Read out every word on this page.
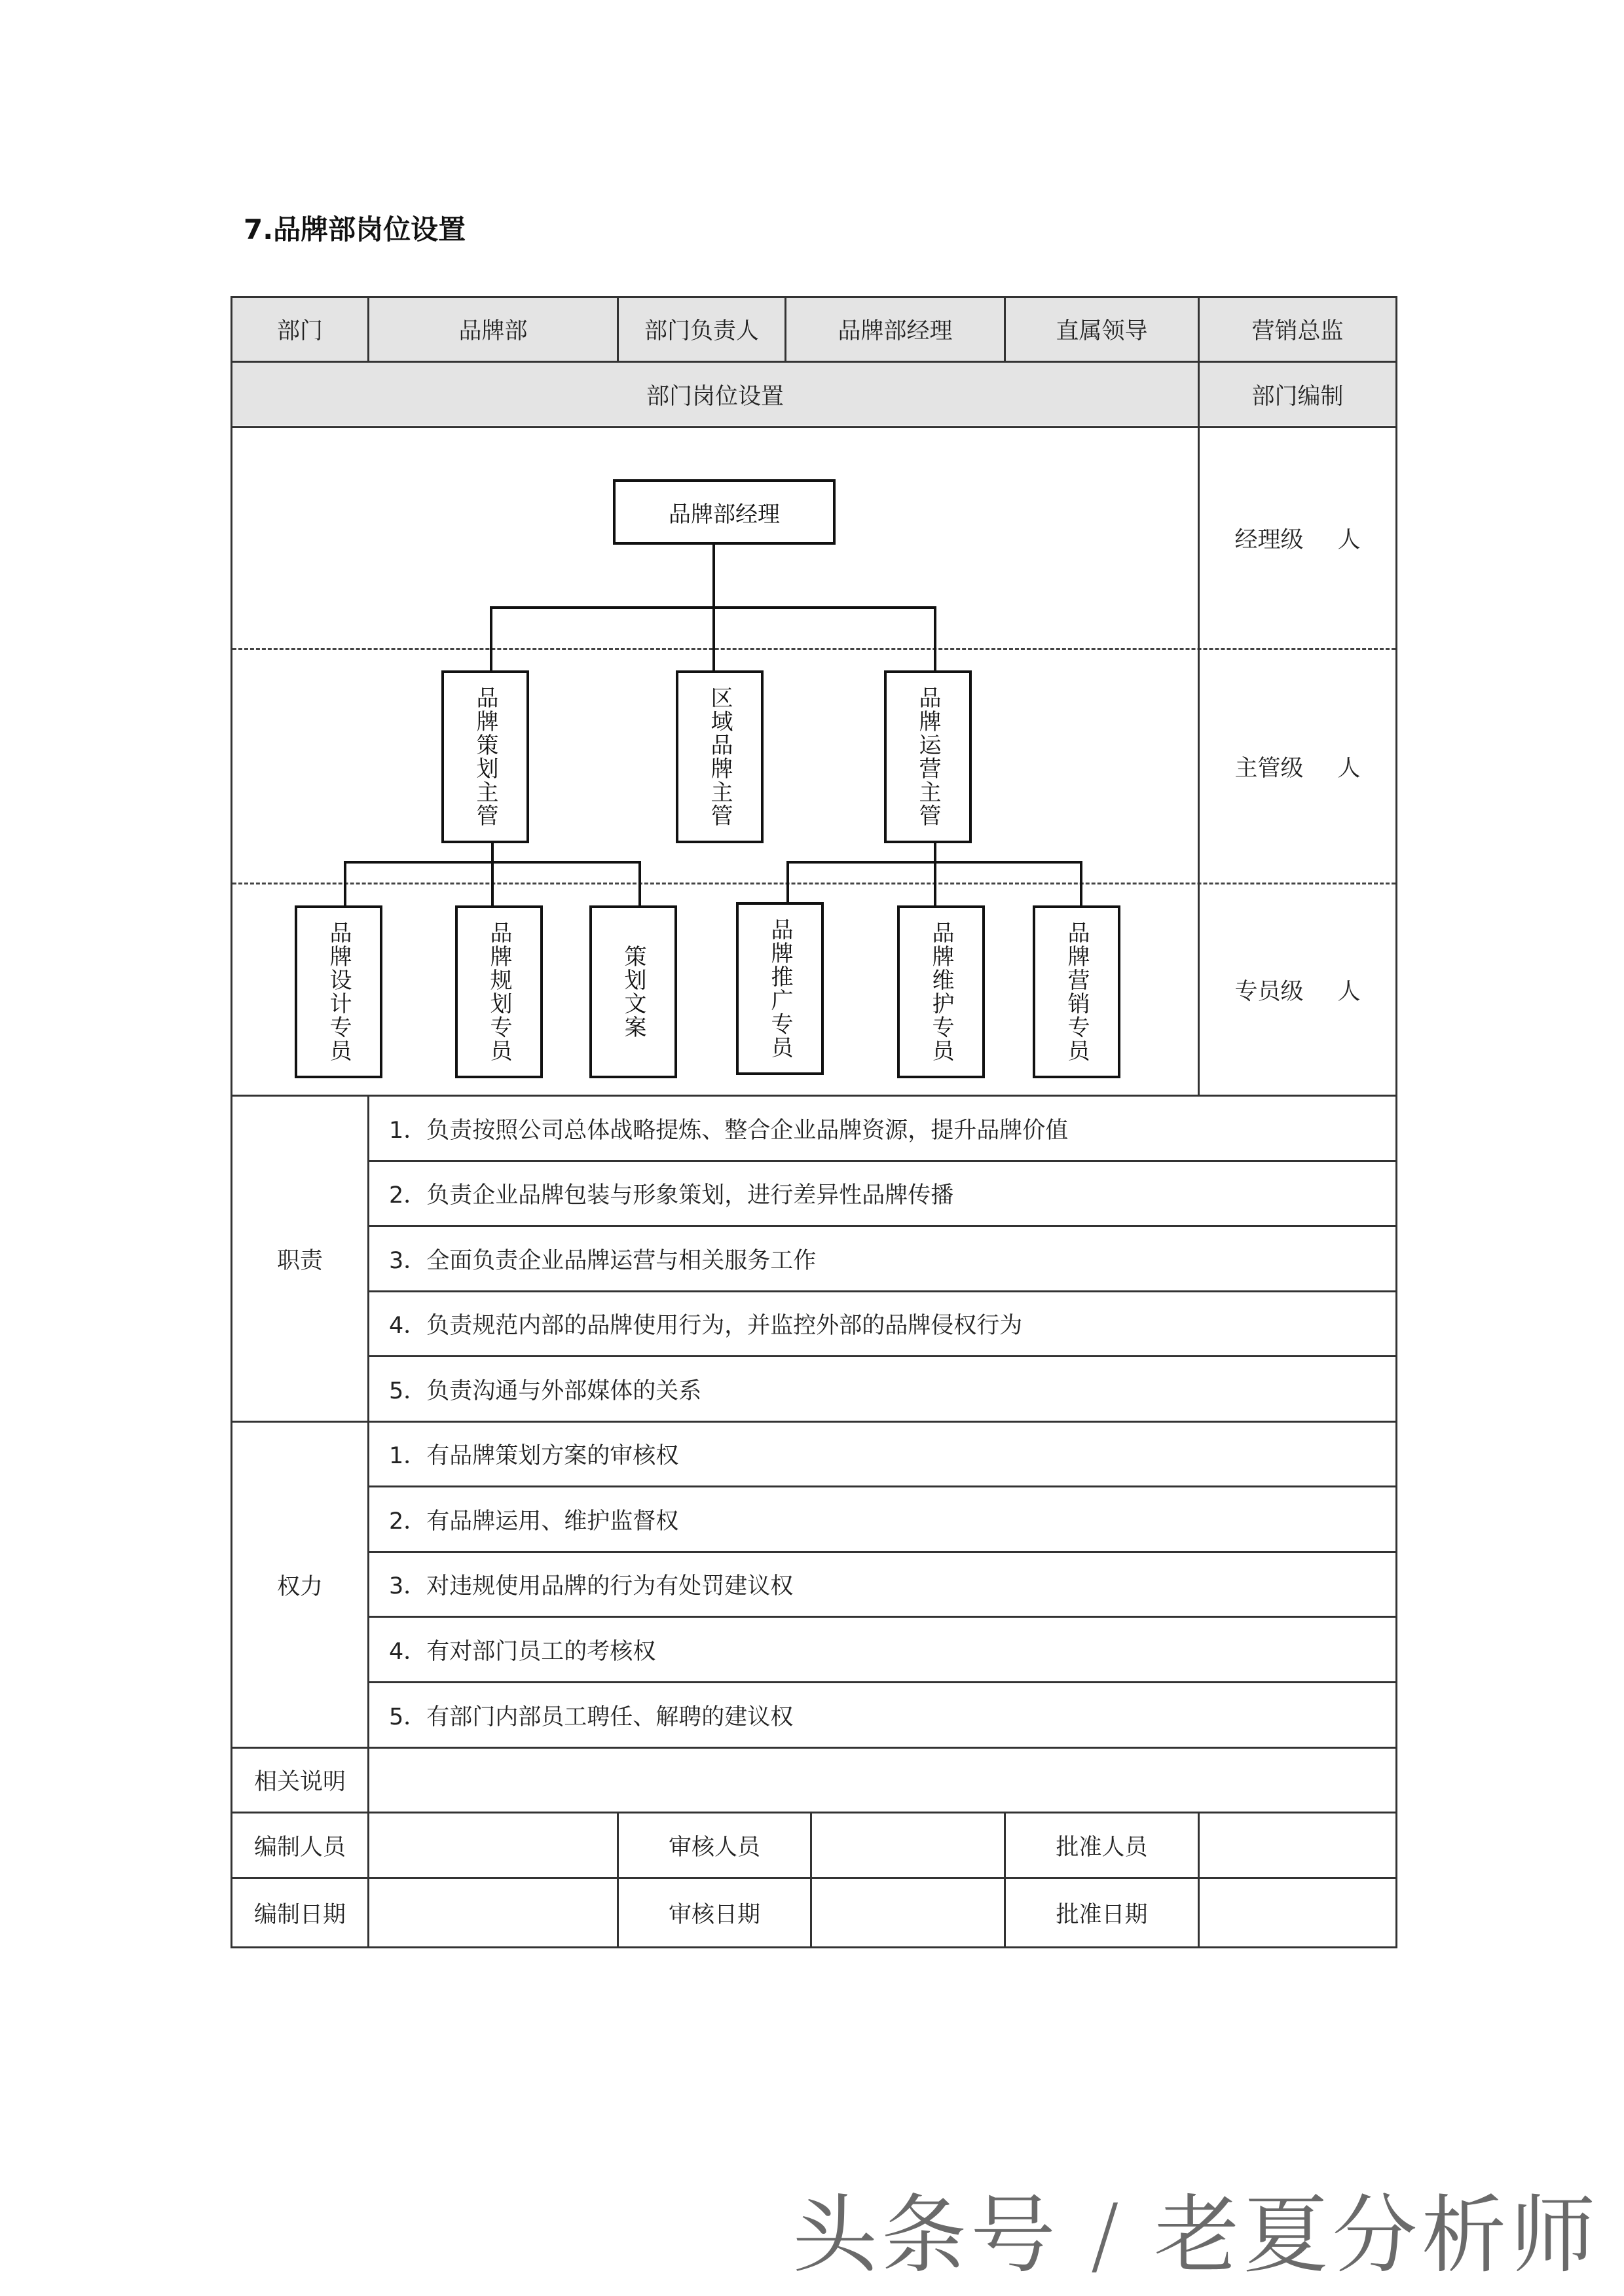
7.品牌部岗位设置
部门	品牌部	部门负责人	品牌部经理	直属领导	营销总监
部门岗位设置	部门编制
经理级 人
主管级 人
专员级 人
品牌部经理
品牌策划主管	区域品牌主管	品牌运营主管
品牌设计专员	品牌规划专员	策划文案	品牌推广专员	品牌维护专员	品牌营销专员
职责
1．负责按照公司总体战略提炼、整合企业品牌资源，提升品牌价值
2．负责企业品牌包装与形象策划，进行差异性品牌传播
3．全面负责企业品牌运营与相关服务工作
4．负责规范内部的品牌使用行为，并监控外部的品牌侵权行为
5．负责沟通与外部媒体的关系
权力
1．有品牌策划方案的审核权
2．有品牌运用、维护监督权
3．对违规使用品牌的行为有处罚建议权
4．有对部门员工的考核权
5．有部门内部员工聘任、解聘的建议权
相关说明
编制人员	审核人员	批准人员
编制日期	审核日期	批准日期
头条号 / 老夏分析师
